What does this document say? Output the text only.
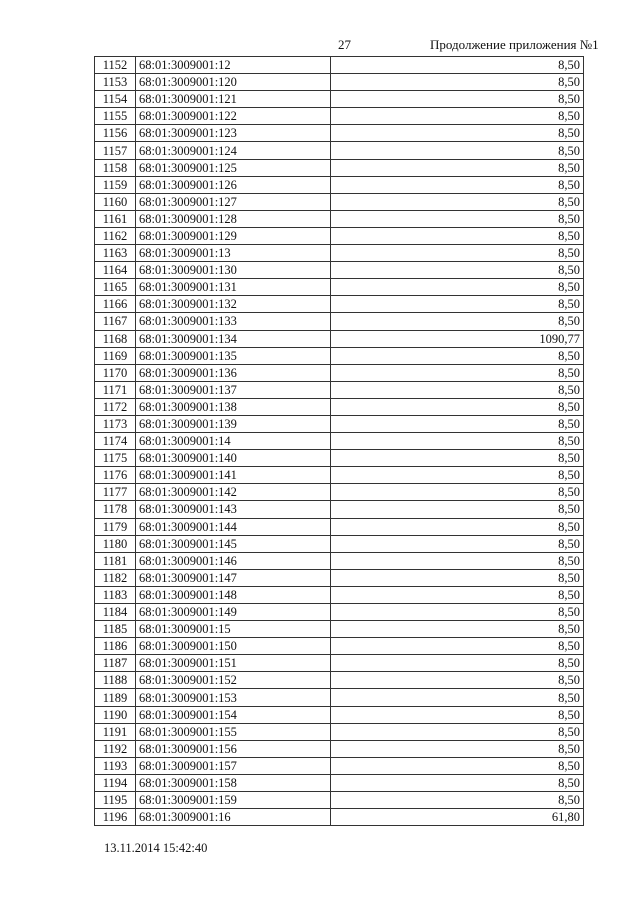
27	Продолжение приложения №1
1152	68:01:3009001:12	8,50
1153	68:01:3009001:120	8,50
1154	68:01:3009001:121	8,50
1155	68:01:3009001:122	8,50
1156	68:01:3009001:123	8,50
1157	68:01:3009001:124	8,50
1158	68:01:3009001:125	8,50
1159	68:01:3009001:126	8,50
1160	68:01:3009001:127	8,50
1161	68:01:3009001:128	8,50
1162	68:01:3009001:129	8,50
1163	68:01:3009001:13	8,50
1164	68:01:3009001:130	8,50
1165	68:01:3009001:131	8,50
1166	68:01:3009001:132	8,50
1167	68:01:3009001:133	8,50
1168	68:01:3009001:134	1090,77
1169	68:01:3009001:135	8,50
1170	68:01:3009001:136	8,50
1171	68:01:3009001:137	8,50
1172	68:01:3009001:138	8,50
1173	68:01:3009001:139	8,50
1174	68:01:3009001:14	8,50
1175	68:01:3009001:140	8,50
1176	68:01:3009001:141	8,50
1177	68:01:3009001:142	8,50
1178	68:01:3009001:143	8,50
1179	68:01:3009001:144	8,50
1180	68:01:3009001:145	8,50
1181	68:01:3009001:146	8,50
1182	68:01:3009001:147	8,50
1183	68:01:3009001:148	8,50
1184	68:01:3009001:149	8,50
1185	68:01:3009001:15	8,50
1186	68:01:3009001:150	8,50
1187	68:01:3009001:151	8,50
1188	68:01:3009001:152	8,50
1189	68:01:3009001:153	8,50
1190	68:01:3009001:154	8,50
1191	68:01:3009001:155	8,50
1192	68:01:3009001:156	8,50
1193	68:01:3009001:157	8,50
1194	68:01:3009001:158	8,50
1195	68:01:3009001:159	8,50
1196	68:01:3009001:16	61,80
13.11.2014 15:42:40
